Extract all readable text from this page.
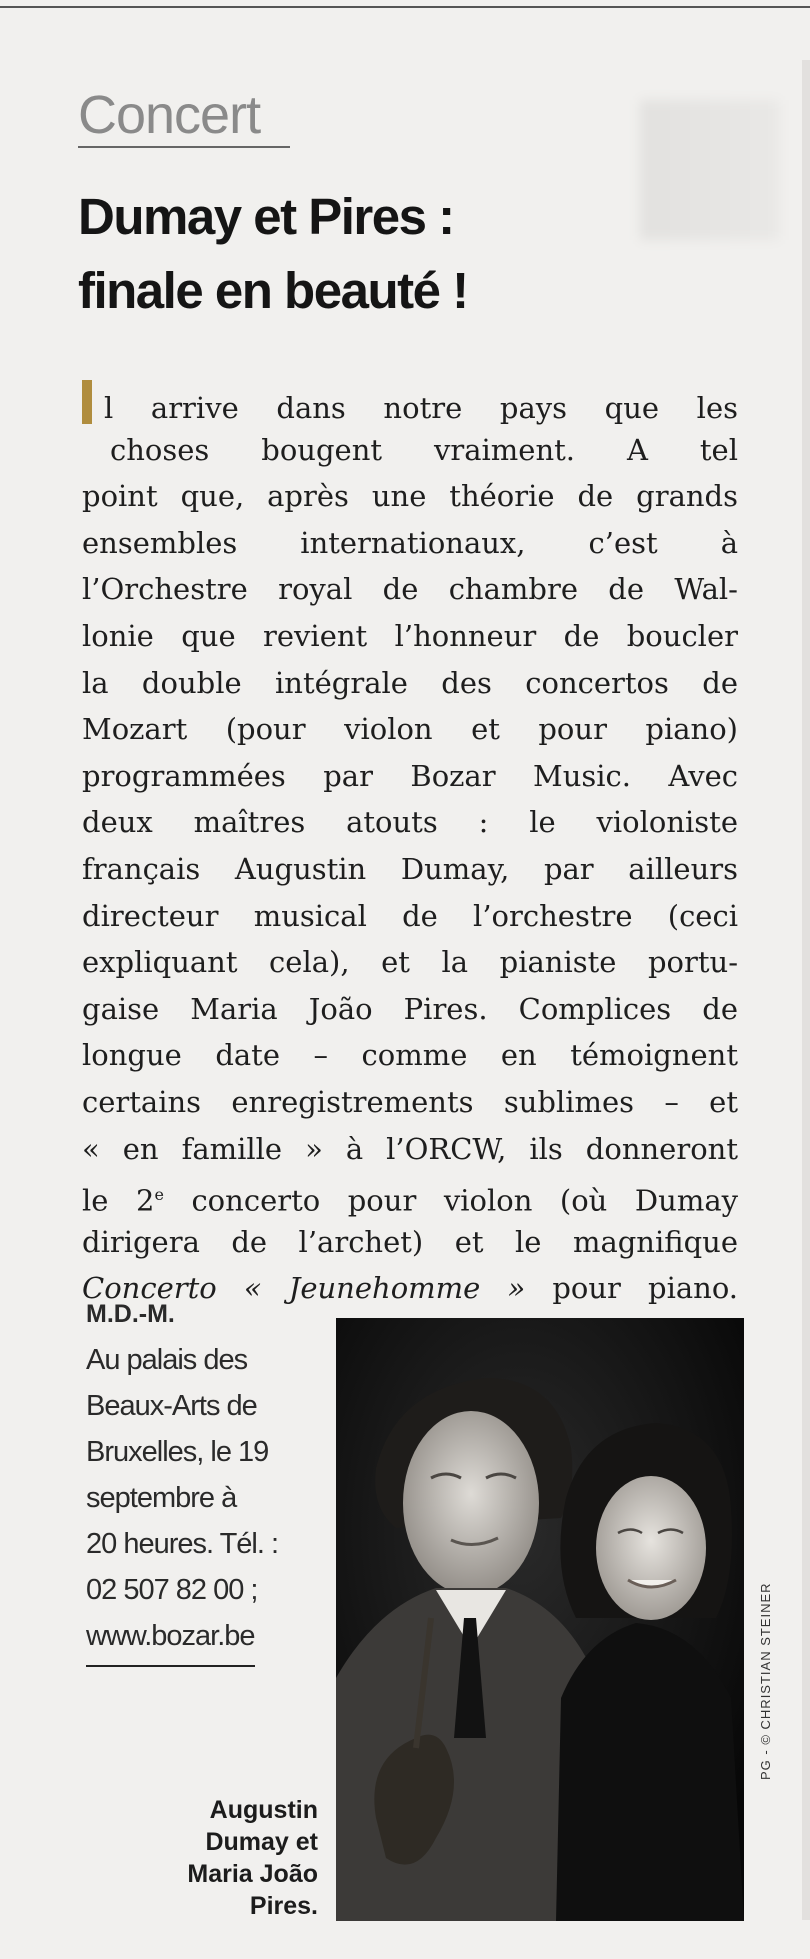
Concert
Dumay et Pires :
finale en beauté !
l arrive dans notre pays que les
choses bougent vraiment. A tel
point que, après une théorie de grands
ensembles internationaux, c’est à
l’Orchestre royal de chambre de Wal-
lonie que revient l’honneur de boucler
la double intégrale des concertos de
Mozart (pour violon et pour piano)
programmées par Bozar Music. Avec
deux maîtres atouts : le violoniste
français Augustin Dumay, par ailleurs
directeur musical de l’orchestre (ceci
expliquant cela), et la pianiste portu-
gaise Maria João Pires. Complices de
longue date – comme en témoignent
certains enregistrements sublimes – et
« en famille » à l’ORCW, ils donneront
le 2e concerto pour violon (où Dumay
dirigera de l’archet) et le magnifique
Concerto « Jeunehomme » pour piano.
M.D.-M.
Au palais des
Beaux-Arts de
Bruxelles, le 19
septembre à
20 heures. Tél. :
02 507 82 00 ;
www.bozar.be	PG - © CHRISTIAN STEINER
Augustin
Dumay et
Maria João
Pires.
